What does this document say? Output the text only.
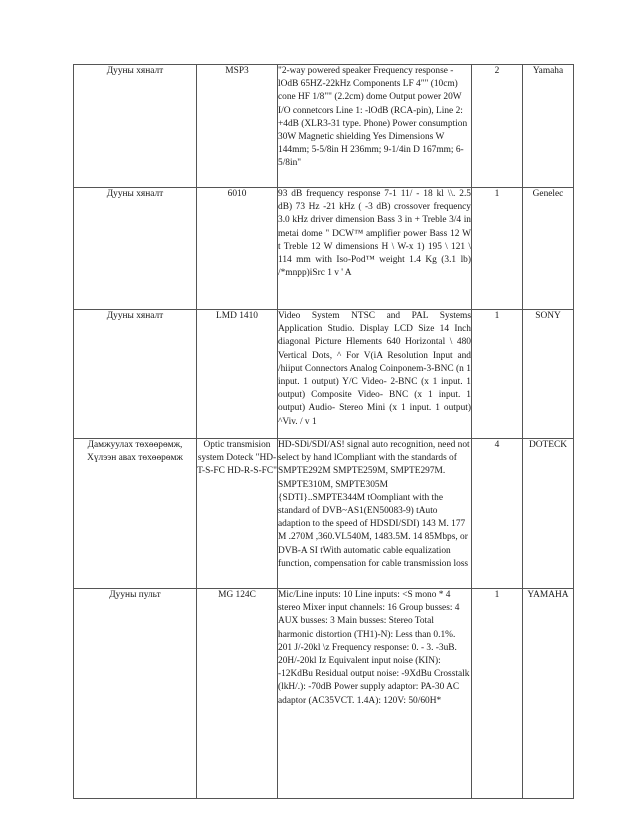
Дууны хяналт	MSP3	"2-way powered speaker Frequency response - lOdB 65HZ-22kHz Components LF 4"" (10cm) cone HF 1/8"" (2.2cm) dome Output power 20W I/O connetcors Line 1: -lOdB (RCA-pin), Line 2: +4dB (XLR3-31 type. Phone) Power consumption 30W Magnetic shielding Yes Dimensions W 144mm; 5-5/8in H 236mm; 9-1/4in D 167mm; 6-5/8in"	2	Yamaha
Дууны хяналт	6010	93 dB frequency response 7-1 11/ - 18 kl \\. 2.5 dB) 73 Hz -21 kHz ( -3 dB) crossover frequency 3.0 kHz driver dimension Bass 3 in + Treble 3/4 in metai dome " DCW™ amplifier power Bass 12 W t Treble 12 W dimensions H \ W-x 1) 195 \ 121 \ 114 mm with Iso-Pod™ weight 1.4 Kg (3.1 lb) /*mnpp)iSrc 1 v ' A	1	Genelec
Дууны хяналт	LMD 1410	Video System NTSC and PAL Systems Application Studio. Display LCD Size 14 Inch diagonal Picture Hlements 640 Horizontal \ 480 Vertical Dots, ^ For V(iA Resolution Input and /hiiput Connectors Analog Coinponem-3-BNC (n 1 input. 1 output) Y/C Video- 2-BNC (x 1 input. 1 output) Composite Video- BNC (x 1 input. 1 output) Audio- Stereo Mini (x 1 input. 1 output) ^Viv. / v 1	1	SONY
Дамжуулах төхөөрөмж, Хүлээн авах төхөөрөмж	Optic transmision system Doteck "HD-T-S-FC HD-R-S-FC"	HD-SDi/SDI/AS! signal auto recognition, need not select by hand lCompliant with the standards of SMPTE292M SMPTE259M, SMPTE297M. SMPTE310M, SMPTE305M {SDTI}..SMPTE344M tOompliant with the standard of DVB~AS1(EN50083-9) tAuto adaption to the speed of HDSDI/SDI) 143 M. 177 M .270M ,360.VL540M, 1483.5M. 14 85Mbps, or DVB-A SI tWith automatic cable equalization function, compensation for cable transmission loss	4	DOTECK
Дууны пульт	MG 124C	Mic/Line inputs: 10 Line inputs: <S mono * 4 stereo Mixer input channels: 16 Group busses: 4 AUX busses: 3 Main busses: Stereo Total harmonic distortion (TH1)-N): Less than 0.1%. 201 J/-20kl \z Frequency response: 0. - 3. -3uB. 20H/-20kl Iz Equivalent input noise (KIN): -12KdBu Residual output noise: -9XdBu Crosstalk (lkH/.): -70dB Power supply adaptor: PA-30 AC adaptor (AC35VCT. 1.4A): 120V: 50/60H*	1	YAMAHA
